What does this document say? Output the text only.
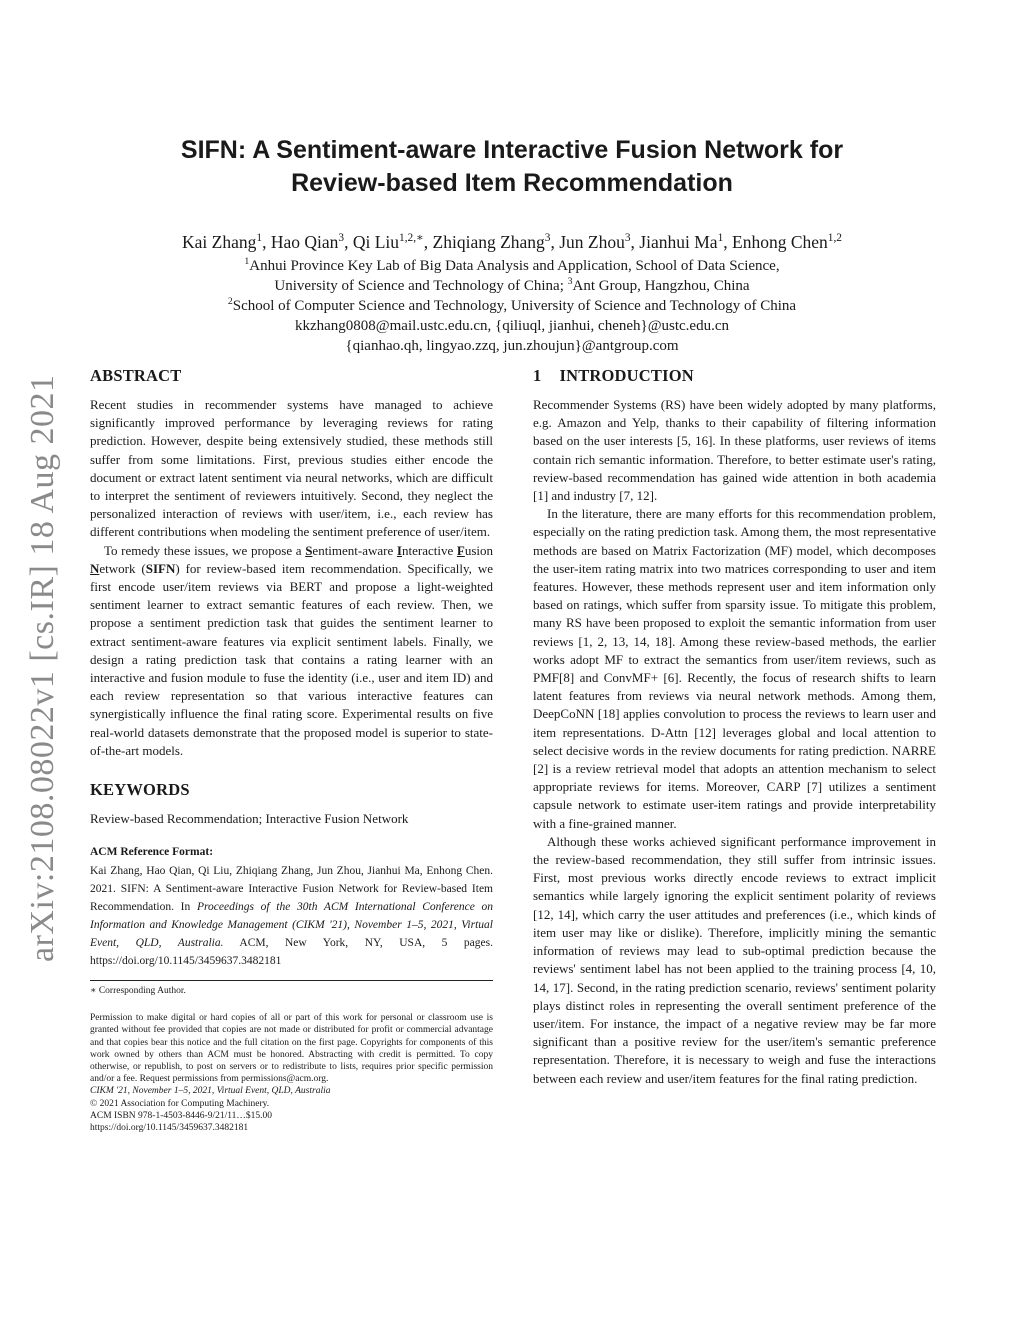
arXiv:2108.08022v1 [cs.IR] 18 Aug 2021
SIFN: A Sentiment-aware Interactive Fusion Network for
Review-based Item Recommendation
Kai Zhang$^1$, Hao Qian$^3$, Qi Liu$^{1,2,∗}$, Zhiqiang Zhang$^3$, Jun Zhou$^3$, Jianhui Ma$^1$, Enhong Chen$^{1,2}$
$^1$Anhui Province Key Lab of Big Data Analysis and Application, School of Data Science,
University of Science and Technology of China; $^3$Ant Group, Hangzhou, China
$^2$School of Computer Science and Technology, University of Science and Technology of China
kkzhang0808@mail.ustc.edu.cn, {qiliuql, jianhui, cheneh}@ustc.edu.cn
{qianhao.qh, lingyao.zzq, jun.zhoujun}@antgroup.com
ABSTRACT

Recent studies in recommender systems have managed to achieve significantly improved performance by leveraging reviews for rating prediction. However, despite being extensively studied, these methods still suffer from some limitations. First, previous studies either encode the document or extract latent sentiment via neural networks, which are difficult to interpret the sentiment of reviewers intuitively. Second, they neglect the personalized interaction of reviews with user/item, i.e., each review has different contributions when modeling the sentiment preference of user/item.

To remedy these issues, we propose a Sentiment-aware Interactive Fusion Network (SIFN) for review-based item recommendation. Specifically, we first encode user/item reviews via BERT and propose a light-weighted sentiment learner to extract semantic features of each review. Then, we propose a sentiment prediction task that guides the sentiment learner to extract sentiment-aware features via explicit sentiment labels. Finally, we design a rating prediction task that contains a rating learner with an interactive and fusion module to fuse the identity (i.e., user and item ID) and each review representation so that various interactive features can synergistically influence the final rating score. Experimental results on five real-world datasets demonstrate that the proposed model is superior to state-of-the-art models.

KEYWORDS

Review-based Recommendation; Interactive Fusion Network

ACM Reference Format:
Kai Zhang, Hao Qian, Qi Liu, Zhiqiang Zhang, Jun Zhou, Jianhui Ma, Enhong Chen. 2021. SIFN: A Sentiment-aware Interactive Fusion Network for Review-based Item Recommendation. In Proceedings of the 30th ACM International Conference on Information and Knowledge Management (CIKM '21), November 1–5, 2021, Virtual Event, QLD, Australia. ACM, New York, NY, USA, 5 pages. https://doi.org/10.1145/3459637.3482181
∗ Corresponding Author.
Permission to make digital or hard copies of all or part of this work for personal or classroom use is granted without fee provided that copies are not made or distributed for profit or commercial advantage and that copies bear this notice and the full citation on the first page. Copyrights for components of this work owned by others than ACM must be honored. Abstracting with credit is permitted. To copy otherwise, or republish, to post on servers or to redistribute to lists, requires prior specific permission and/or a fee. Request permissions from permissions@acm.org.
CIKM '21, November 1–5, 2021, Virtual Event, QLD, Australia
© 2021 Association for Computing Machinery.
ACM ISBN 978-1-4503-8446-9/21/11…$15.00
https://doi.org/10.1145/3459637.3482181
1 INTRODUCTION

Recommender Systems (RS) have been widely adopted by many platforms, e.g. Amazon and Yelp, thanks to their capability of filtering information based on the user interests [5, 16]. In these platforms, user reviews of items contain rich semantic information. Therefore, to better estimate user's rating, review-based recommendation has gained wide attention in both academia [1] and industry [7, 12].

In the literature, there are many efforts for this recommendation problem, especially on the rating prediction task. Among them, the most representative methods are based on Matrix Factorization (MF) model, which decomposes the user-item rating matrix into two matrices corresponding to user and item features. However, these methods represent user and item information only based on ratings, which suffer from sparsity issue. To mitigate this problem, many RS have been proposed to exploit the semantic information from user reviews [1, 2, 13, 14, 18]. Among these review-based methods, the earlier works adopt MF to extract the semantics from user/item reviews, such as PMF[8] and ConvMF+ [6]. Recently, the focus of research shifts to learn latent features from reviews via neural network methods. Among them, DeepCoNN [18] applies convolution to process the reviews to learn user and item representations. D-Attn [12] leverages global and local attention to select decisive words in the review documents for rating prediction. NARRE [2] is a review retrieval model that adopts an attention mechanism to select appropriate reviews for items. Moreover, CARP [7] utilizes a sentiment capsule network to estimate user-item ratings and provide interpretability with a fine-grained manner.

Although these works achieved significant performance improvement in the review-based recommendation, they still suffer from intrinsic issues. First, most previous works directly encode reviews to extract implicit semantics while largely ignoring the explicit sentiment polarity of reviews [12, 14], which carry the user attitudes and preferences (i.e., which kinds of item user may like or dislike). Therefore, implicitly mining the semantic information of reviews may lead to sub-optimal prediction because the reviews' sentiment label has not been applied to the training process [4, 10, 14, 17]. Second, in the rating prediction scenario, reviews' sentiment polarity plays distinct roles in representing the overall sentiment preference of the user/item. For instance, the impact of a negative review may be far more significant than a positive review for the user/item's semantic preference representation. Therefore, it is necessary to weigh and fuse the interactions between each review and user/item features for the final rating prediction.
